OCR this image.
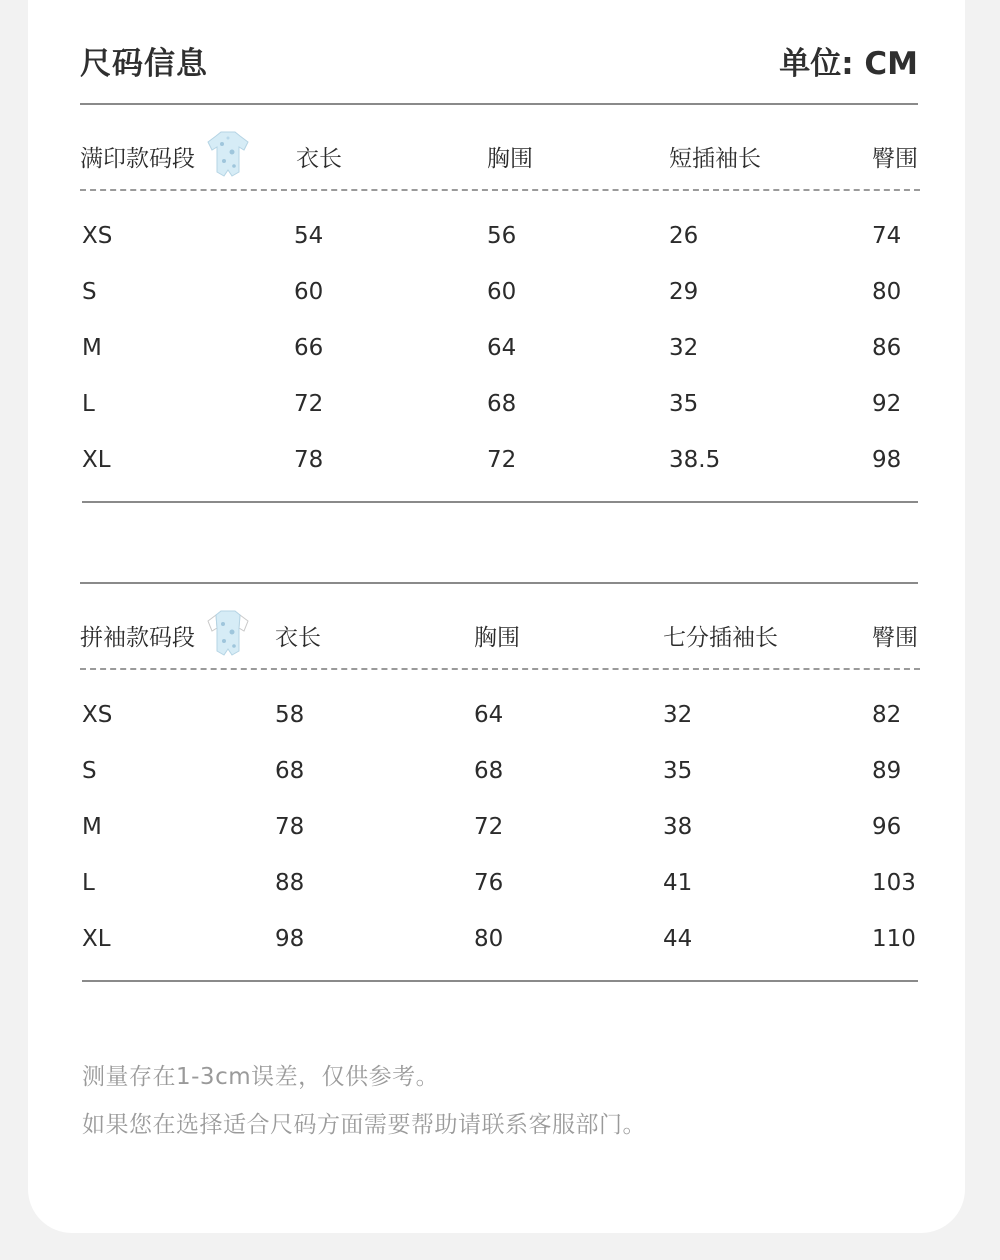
尺码信息	单位: CM
满印款码段	衣长	胸围	短插袖长	臀围
XS	54	56	26	74
S	60	60	29	80
M	66	64	32	86
L	72	68	35	92
XL	78	72	38.5	98
拼袖款码段	衣长	胸围	七分插袖长	臀围
XS	58	64	32	82
S	68	68	35	89
M	78	72	38	96
L	88	76	41	103
XL	98	80	44	110
测量存在1-3cm误差，仅供参考。
如果您在选择适合尺码方面需要帮助请联系客服部门。
